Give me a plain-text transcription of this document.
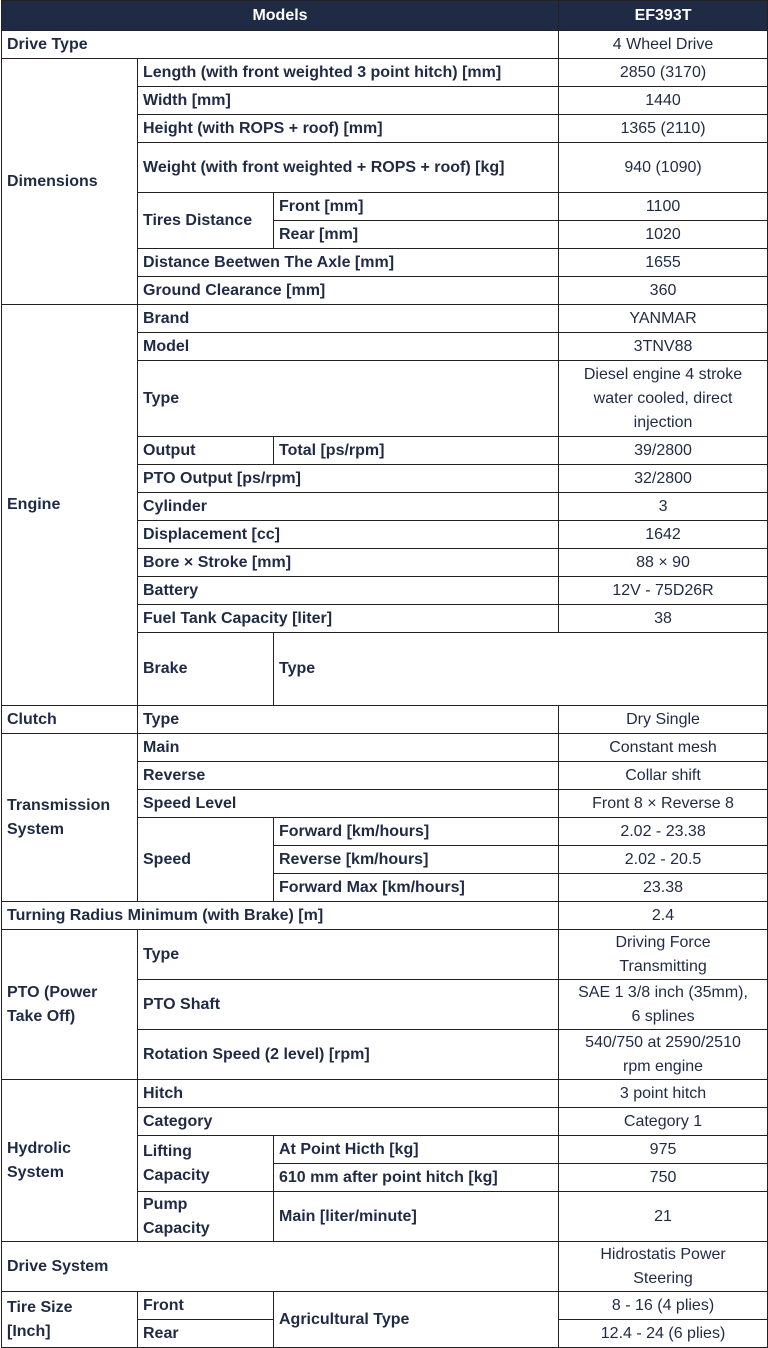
Models			EF393T	
Drive Type			4 Wheel Drive	
Dimensions	Length (with front weighted 3 point hitch) [mm]		2850 (3170)	
	Width [mm]		1440	
	Height (with ROPS + roof) [mm]		1365 (2110)	
	Weight (with front weighted + ROPS + roof) [kg]		940 (1090)	
	Tires Distance	Front [mm]	1100	
		Rear [mm]	1020	
	Distance Beetwen The Axle [mm]		1655	
	Ground Clearance [mm]		360	
Engine	Brand		YANMAR	
	Model		3TNV88	
	Type		Diesel engine 4 stroke
water cooled, direct
injection	
	Output	Total [ps/rpm]	39/2800	
	PTO Output [ps/rpm]		32/2800	
	Cylinder		3	
	Displacement [cc]		1642	
	Bore × Stroke [mm]		88 × 90	
	Battery		12V - 75D26R	
	Fuel Tank Capacity [liter]		38	
	Brake	Type	
Clutch	Type		Dry Single	
Transmission
System	Main		Constant mesh	
	Reverse		Collar shift	
	Speed Level		Front 8 × Reverse 8	
	Speed	Forward [km/hours]	2.02 - 23.38	
		Reverse [km/hours]	2.02 - 20.5	
		Forward Max [km/hours]	23.38	
Turning Radius Minimum (with Brake) [m]			2.4	
PTO (Power
Take Off)	Type		Driving Force
Transmitting	
	PTO Shaft		SAE 1 3/8 inch (35mm),
6 splines	
	Rotation Speed (2 level) [rpm]		540/750 at 2590/2510
rpm engine	
Hydrolic
System	Hitch		3 point hitch	
	Category		Category 1	
	Lifting
Capacity	At Point Hicth [kg]	975	
		610 mm after point hitch [kg]	750	
	Pump
Capacity	Main [liter/minute]	21	
Drive System			Hidrostatis Power
Steering	
Tire Size
[Inch]	Front	Agricultural Type	8 - 16 (4 plies)	
	Rear		12.4 - 24 (6 plies)	
